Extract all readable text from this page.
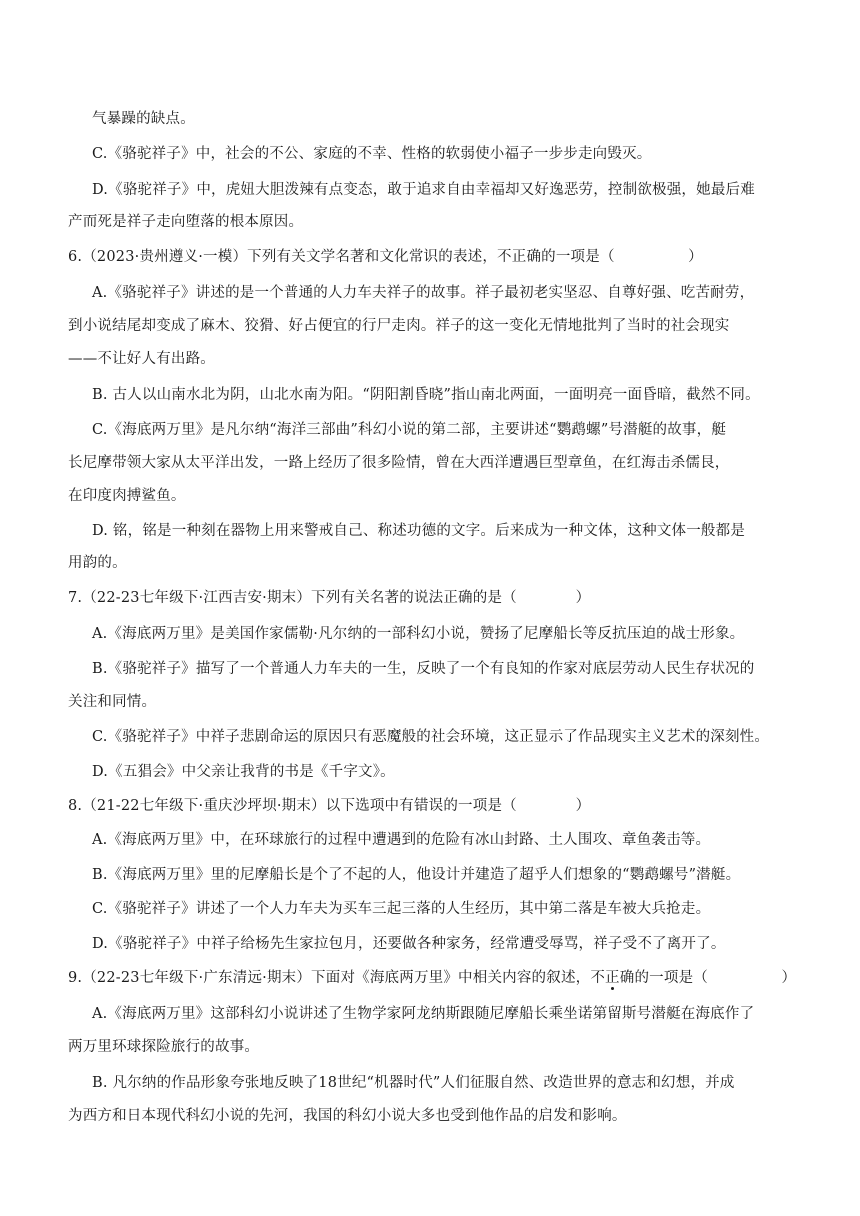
气暴躁的缺点。
C.《骆驼祥子》中，社会的不公、家庭的不幸、性格的软弱使小福子一步步走向毁灭。
D.《骆驼祥子》中，虎妞大胆泼辣有点变态，敢于追求自由幸福却又好逸恶劳，控制欲极强，她最后难
产而死是祥子走向堕落的根本原因。
6.（2023·贵州遵义·一模）下列有关文学名著和文化常识的表述，不正确的一项是（　　　　　）
A.《骆驼祥子》讲述的是一个普通的人力车夫祥子的故事。祥子最初老实坚忍、自尊好强、吃苦耐劳，
到小说结尾却变成了麻木、狡猾、好占便宜的行尸走肉。祥子的这一变化无情地批判了当时的社会现实
——不让好人有出路。
B. 古人以山南水北为阴，山北水南为阳。“阴阳割昏晓”指山南北两面，一面明亮一面昏暗，截然不同。
C.《海底两万里》是凡尔纳“海洋三部曲”科幻小说的第二部，主要讲述“鹦鹉螺”号潜艇的故事，艇
长尼摩带领大家从太平洋出发，一路上经历了很多险情，曾在大西洋遭遇巨型章鱼，在红海击杀儒艮，
在印度肉搏鲨鱼。
D. 铭，铭是一种刻在器物上用来警戒自己、称述功德的文字。后来成为一种文体，这种文体一般都是
用韵的。
7.（22-23七年级下·江西吉安·期末）下列有关名著的说法正确的是（　　　　）
A.《海底两万里》是美国作家儒勒·凡尔纳的一部科幻小说，赞扬了尼摩船长等反抗压迫的战士形象。
B.《骆驼祥子》描写了一个普通人力车夫的一生，反映了一个有良知的作家对底层劳动人民生存状况的
关注和同情。
C.《骆驼祥子》中祥子悲剧命运的原因只有恶魔般的社会环境，这正显示了作品现实主义艺术的深刻性。
D.《五猖会》中父亲让我背的书是《千字文》。
8.（21-22七年级下·重庆沙坪坝·期末）以下选项中有错误的一项是（　　　　）
A.《海底两万里》中，在环球旅行的过程中遭遇到的危险有冰山封路、土人围攻、章鱼袭击等。
B.《海底两万里》里的尼摩船长是个了不起的人，他设计并建造了超乎人们想象的“鹦鹉螺号”潜艇。
C.《骆驼祥子》讲述了一个人力车夫为买车三起三落的人生经历，其中第二落是车被大兵抢走。
D.《骆驼祥子》中祥子给杨先生家拉包月，还要做各种家务，经常遭受辱骂，祥子受不了离开了。
9.（22-23七年级下·广东清远·期末）下面对《海底两万里》中相关内容的叙述，不正确的一项是（　　　　　）
A.《海底两万里》这部科幻小说讲述了生物学家阿龙纳斯跟随尼摩船长乘坐诺第留斯号潜艇在海底作了
两万里环球探险旅行的故事。
B. 凡尔纳的作品形象夸张地反映了18世纪“机器时代”人们征服自然、改造世界的意志和幻想，并成
为西方和日本现代科幻小说的先河，我国的科幻小说大多也受到他作品的启发和影响。
